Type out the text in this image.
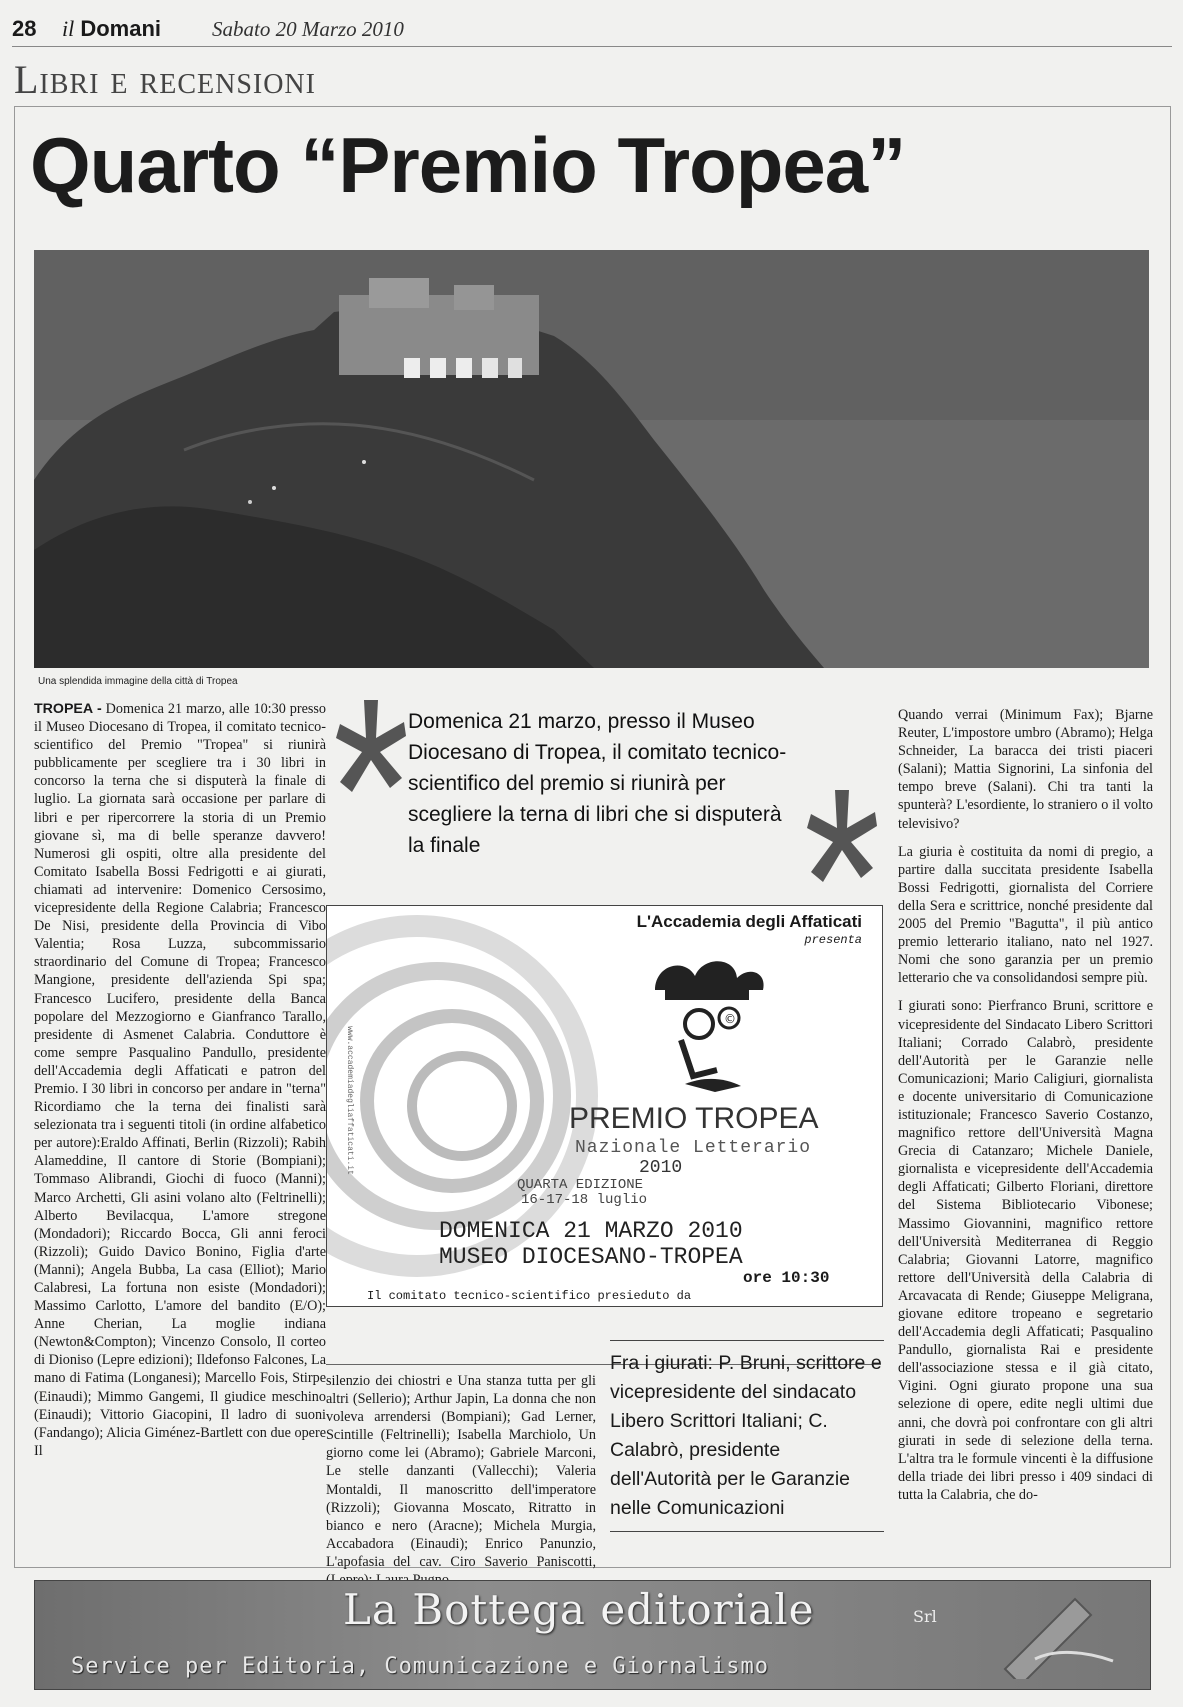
28 il Domani Sabato 20 Marzo 2010
Libri e recensioni
Quarto “Premio Tropea”
Una splendida immagine della città di Tropea
TROPEA - Domenica 21 marzo, alle 10:30 presso il Museo Diocesano di Tropea, il comitato tecnico-scientifico del Premio "Tropea" si riunirà pubblicamente per scegliere tra i 30 libri in concorso la terna che si disputerà la finale di luglio. La giornata sarà occasione per parlare di libri e per ripercorrere la storia di un Premio giovane sì, ma di belle speranze davvero! Numerosi gli ospiti, oltre alla presidente del Comitato Isabella Bossi Fedrigotti e ai giurati, chiamati ad intervenire: Domenico Cersosimo, vicepresidente della Regione Calabria; Francesco De Nisi, presidente della Provincia di Vibo Valentia; Rosa Luzza, subcommissario straordinario del Comune di Tropea; Francesco Mangione, presidente dell'azienda Spi spa; Francesco Lucifero, presidente della Banca popolare del Mezzogiorno e Gianfranco Tarallo, presidente di Asmenet Calabria. Conduttore è come sempre Pasqualino Pandullo, presidente dell'Accademia degli Affaticati e patron del Premio. I 30 libri in concorso per andare in "terna" Ricordiamo che la terna dei finalisti sarà selezionata tra i seguenti titoli (in ordine alfabetico per autore):Eraldo Affinati, Berlin (Rizzoli); Rabih Alameddine, Il cantore di Storie (Bompiani); Tommaso Alibrandi, Giochi di fuoco (Manni); Marco Archetti, Gli asini volano alto (Feltrinelli); Alberto Bevilacqua, L'amore stregone (Mondadori); Riccardo Bocca, Gli anni feroci (Rizzoli); Guido Davico Bonino, Figlia d'arte (Manni); Angela Bubba, La casa (Elliot); Mario Calabresi, La fortuna non esiste (Mondadori); Massimo Carlotto, L'amore del bandito (E/O); Anne Cherian, La moglie indiana (Newton&Compton); Vincenzo Consolo, Il corteo di Dioniso (Lepre edizioni); Ildefonso Falcones, La mano di Fatima (Longanesi); Marcello Fois, Stirpe (Einaudi); Mimmo Gangemi, Il giudice meschino (Einaudi); Vittorio Giacopini, Il ladro di suoni (Fandango); Alicia Giménez-Bartlett con due opere Il
Domenica 21 marzo, presso il Museo Diocesano di Tropea, il comitato tecnico-scientifico del premio si riunirà per scegliere la terna di libri che si disputerà la finale
L'Accademia degli Affaticati
presenta
©
PREMIO TROPEA
Nazionale Letterario
2010
QUARTA EDIZIONE
16-17-18 luglio
DOMENICA 21 MARZO 2010
MUSEO DIOCESANO-TROPEA
ore 10:30
Il comitato tecnico-scientifico presieduto da
www.accademiadegliaffaticati.it
silenzio dei chiostri e Una stanza tutta per gli altri (Sellerio); Arthur Japin, La donna che non voleva arrendersi (Bompiani); Gad Lerner, Scintille (Feltrinelli); Isabella Marchiolo, Un giorno come lei (Abramo); Gabriele Marconi, Le stelle danzanti (Vallecchi); Valeria Montaldi, Il manoscritto dell'imperatore (Rizzoli); Giovanna Moscato, Ritratto in bianco e nero (Aracne); Michela Murgia, Accabadora (Einaudi); Enrico Panunzio, L'apofasia del cav. Ciro Saverio Paniscotti,
Fra i giurati: P. Bruni, scrittore e vicepresidente del sindacato Libero Scrittori Italiani; C. Calabrò, presidente dell'Autorità per le Garanzie nelle Comunicazioni

Quando verrai (Minimum Fax); Bjarne Reuter, L'impostore umbro (Abramo); Helga Schneider, La baracca dei tristi piaceri (Salani); Mattia Signorini, La sinfonia del tempo breve (Salani). Chi tra tanti la spunterà? L'esordiente, lo straniero o il volto televisivo?

La giuria è costituita da nomi di pregio, a partire dalla succitata presidente Isabella Bossi Fedrigotti, giornalista del Corriere della Sera e scrittrice, nonché presidente dal 2005 del Premio "Bagutta", il più antico premio letterario italiano, nato nel 1927. Nomi che sono garanzia per un premio letterario che va consolidandosi sempre più.

I giurati sono: Pierfranco Bruni, scrittore e vicepresidente del Sindacato Libero Scrittori Italiani; Corrado Calabrò, presidente dell'Autorità per le Garanzie nelle Comunicazioni; Mario Caligiuri, giornalista e docente universitario di Comunicazione istituzionale; Francesco Saverio Costanzo, magnifico rettore dell'Università Magna Grecia di Catanzaro; Michele Daniele, giornalista e vicepresidente dell'Accademia degli Affaticati; Gilberto Floriani, direttore del Sistema Bibliotecario Vibonese; Massimo Giovannini, magnifico rettore dell'Università Mediterranea di Reggio Calabria; Giovanni Latorre, magnifico rettore dell'Università della Calabria di Arcavacata di Rende; Giuseppe Meligrana, giovane editore tropeano e segretario dell'Accademia degli Affaticati; Pasqualino Pandullo, giornalista Rai e presidente dell'associazione stessa e il già citato, Vigini. Ogni giurato propone una sua selezione di opere, edite negli ultimi due anni, che dovrà poi confrontare con gli altri giurati in sede di selezione della terna. L'altra tra le formule vincenti è la diffusione della triade dei libri presso i 409 sindaci di tutta la Calabria, che do-

La Bottega editoriale	Srl
Service per Editoria, Comunicazione e Giornalismo
